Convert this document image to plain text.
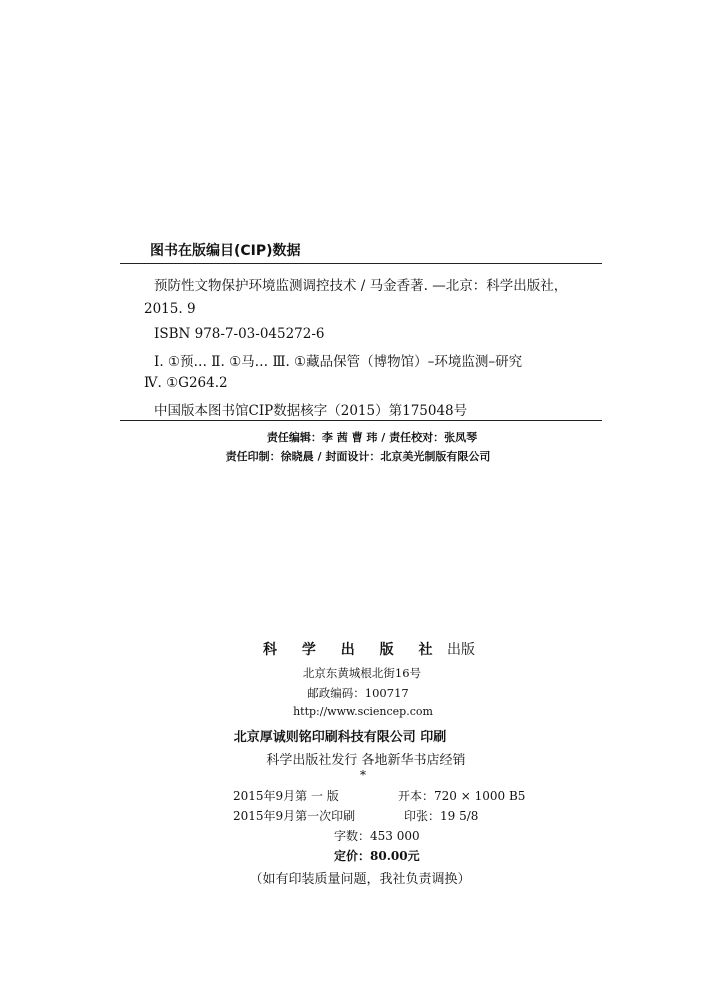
图书在版编目(CIP)数据
预防性文物保护环境监测调控技术 / 马金香著. —北京：科学出版社，
2015. 9
ISBN 978-7-03-045272-6
Ⅰ. ①预… Ⅱ. ①马… Ⅲ. ①藏品保管（博物馆）–环境监测–研究
Ⅳ. ①G264.2
中国版本图书馆CIP数据核字（2015）第175048号
责任编辑：李 茜 曹 玮 / 责任校对：张凤琴
责任印制：徐晓晨 / 封面设计：北京美光制版有限公司
科 学 出 版 社 出版
北京东黄城根北街16号
邮政编码：100717
http://www.sciencep.com
北京厚诚则铭印刷科技有限公司 印刷
科学出版社发行 各地新华书店经销
*
2015年9月第 一 版	开本：720 × 1000 B5
2015年9月第一次印刷	印张：19 5/8
字数：453 000
定价：80.00元
（如有印装质量问题，我社负责调换）
